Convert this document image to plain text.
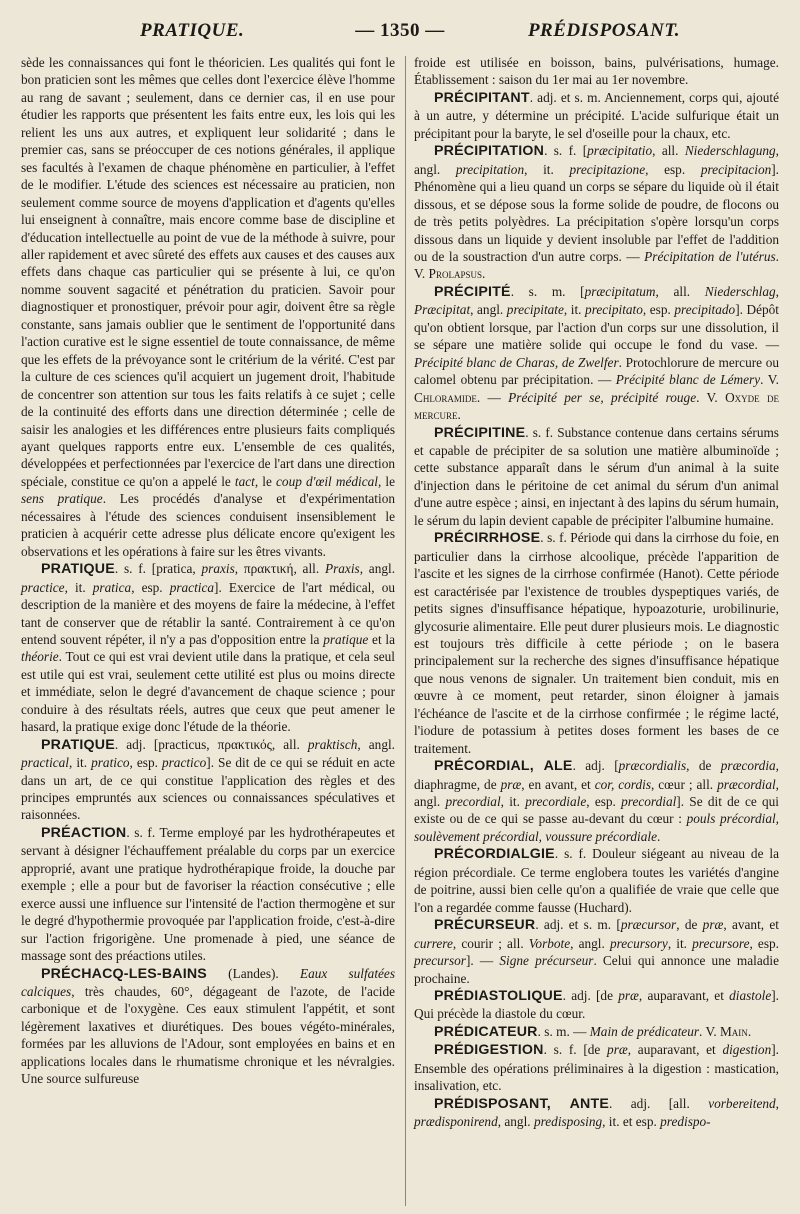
PRATIQUE.	— 1350 —	PRÉDISPOSANT.

sède les connaissances qui font le théoricien. Les qualités qui font le bon praticien sont les mêmes que celles dont l'exercice élève l'homme au rang de savant ; seulement, dans ce dernier cas, il en use pour étudier les rapports que présentent les faits entre eux, les lois qui les relient les uns aux autres, et expliquent leur solidarité ; dans le premier cas, sans se préoccuper de ces notions générales, il applique ses facultés à l'examen de chaque phénomène en particulier, à l'effet de le modifier. L'étude des sciences est nécessaire au praticien, non seulement comme source de moyens d'application et d'agents qu'elles lui enseignent à connaître, mais encore comme base de discipline et d'éducation intellectuelle au point de vue de la méthode à suivre, pour aller rapidement et avec sûreté des effets aux causes et des causes aux effets dans chaque cas particulier qui se présente à lui, ce qu'on nomme souvent sagacité et pénétration du praticien. Savoir pour diagnostiquer et pronostiquer, prévoir pour agir, doivent être sa règle constante, sans jamais oublier que le sentiment de l'opportunité dans l'action curative est le signe essentiel de toute connaissance, de même que les effets de la prévoyance sont le critérium de la vérité. C'est par la culture de ces sciences qu'il acquiert un jugement droit, l'habitude de concentrer son attention sur tous les faits relatifs à ce sujet ; celle de la continuité des efforts dans une direction déterminée ; celle de saisir les analogies et les différences entre plusieurs faits compliqués ayant quelques rapports entre eux. L'ensemble de ces qualités, développées et perfectionnées par l'exercice de l'art dans une direction spéciale, constitue ce qu'on a appelé le tact, le coup d'œil médical, le sens pratique. Les procédés d'analyse et d'expérimentation nécessaires à l'étude des sciences conduisent insensiblement le praticien à acquérir cette adresse plus délicate encore qu'exigent les observations et les opérations à faire sur les êtres vivants.

PRATIQUE. s. f. [pratica, praxis, πρακτική, all. Praxis, angl. practice, it. pratica, esp. practica]. Exercice de l'art médical, ou description de la manière et des moyens de faire la médecine, à l'effet tant de conserver que de rétablir la santé. Contrairement à ce qu'on entend souvent répéter, il n'y a pas d'opposition entre la pratique et la théorie. Tout ce qui est vrai devient utile dans la pratique, et cela seul est utile qui est vrai, seulement cette utilité est plus ou moins directe et immédiate, selon le degré d'avancement de chaque science ; pour conduire à des résultats réels, autres que ceux que peut amener le hasard, la pratique exige donc l'étude de la théorie.

PRATIQUE. adj. [practicus, πρακτικός, all. praktisch, angl. practical, it. pratico, esp. practico]. Se dit de ce qui se réduit en acte dans un art, de ce qui constitue l'application des règles et des principes empruntés aux sciences ou connaissances spéculatives et raisonnées.

PRÉACTION. s. f. Terme employé par les hydrothérapeutes et servant à désigner l'échauffement préalable du corps par un exercice approprié, avant une pratique hydrothérapique froide, la douche par exemple ; elle a pour but de favoriser la réaction consécutive ; elle exerce aussi une influence sur l'intensité de l'action thermogène et sur le degré d'hypothermie provoquée par l'application froide, c'est-à-dire sur l'action frigorigène. Une promenade à pied, une séance de massage sont des préactions utiles.

PRÉCHACQ-LES-BAINS (Landes). Eaux sulfatées calciques, très chaudes, 60°, dégageant de l'azote, de l'acide carbonique et de l'oxygène. Ces eaux stimulent l'appétit, et sont légèrement laxatives et diurétiques. Des boues végéto-minérales, formées par les alluvions de l'Adour, sont employées en bains et en applications locales dans le rhumatisme chronique et les névralgies. Une source sulfureuse

froide est utilisée en boisson, bains, pulvérisations, humage. Établissement : saison du 1er mai au 1er novembre.

PRÉCIPITANT. adj. et s. m. Anciennement, corps qui, ajouté à un autre, y détermine un précipité. L'acide sulfurique était un précipitant pour la baryte, le sel d'oseille pour la chaux, etc.

PRÉCIPITATION. s. f. [præcipitatio, all. Niederschlagung, angl. precipitation, it. precipitazione, esp. precipitacion]. Phénomène qui a lieu quand un corps se sépare du liquide où il était dissous, et se dépose sous la forme solide de poudre, de flocons ou de très petits polyèdres. La précipitation s'opère lorsqu'un corps dissous dans un liquide y devient insoluble par l'effet de l'addition ou de la soustraction d'un autre corps. — Précipitation de l'utérus. V. Prolapsus.

PRÉCIPITÉ. s. m. [præcipitatum, all. Niederschlag, Præcipitat, angl. precipitate, it. precipitato, esp. precipitado]. Dépôt qu'on obtient lorsque, par l'action d'un corps sur une dissolution, il se sépare une matière solide qui occupe le fond du vase. — Précipité blanc de Charas, de Zwelfer. Protochlorure de mercure ou calomel obtenu par précipitation. — Précipité blanc de Lémery. V. Chloramide. — Précipité per se, précipité rouge. V. Oxyde de mercure.

PRÉCIPITINE. s. f. Substance contenue dans certains sérums et capable de précipiter de sa solution une matière albuminoïde ; cette substance apparaît dans le sérum d'un animal à la suite d'injection dans le péritoine de cet animal du sérum d'un animal d'une autre espèce ; ainsi, en injectant à des lapins du sérum humain, le sérum du lapin devient capable de précipiter l'albumine humaine.

PRÉCIRRHOSE. s. f. Période qui dans la cirrhose du foie, en particulier dans la cirrhose alcoolique, précède l'apparition de l'ascite et les signes de la cirrhose confirmée (Hanot). Cette période est caractérisée par l'existence de troubles dyspeptiques variés, de petits signes d'insuffisance hépatique, hypoazoturie, urobilinurie, glycosurie alimentaire. Elle peut durer plusieurs mois. Le diagnostic est toujours très difficile à cette période ; on le basera principalement sur la recherche des signes d'insuffisance hépatique que nous venons de signaler. Un traitement bien conduit, mis en œuvre à ce moment, peut retarder, sinon éloigner à jamais l'échéance de l'ascite et de la cirrhose confirmée ; le régime lacté, l'iodure de potassium à petites doses forment les bases de ce traitement.

PRÉCORDIAL, ALE. adj. [præcordialis, de præcordia, diaphragme, de præ, en avant, et cor, cordis, cœur ; all. præcordial, angl. precordial, it. precordiale, esp. precordial]. Se dit de ce qui existe ou de ce qui se passe au-devant du cœur : pouls précordial, soulèvement précordial, voussure précordiale.

PRÉCORDIALGIE. s. f. Douleur siégeant au niveau de la région précordiale. Ce terme englobera toutes les variétés d'angine de poitrine, aussi bien celle qu'on a qualifiée de vraie que celle que l'on a regardée comme fausse (Huchard).

PRÉCURSEUR. adj. et s. m. [præcursor, de præ, avant, et currere, courir ; all. Vorbote, angl. precursory, it. precursore, esp. precursor]. — Signe précurseur. Celui qui annonce une maladie prochaine.

PRÉDIASTOLIQUE. adj. [de præ, auparavant, et diastole]. Qui précède la diastole du cœur.

PRÉDICATEUR. s. m. — Main de prédicateur. V. Main.

PRÉDIGESTION. s. f. [de præ, auparavant, et digestion]. Ensemble des opérations préliminaires à la digestion : mastication, insalivation, etc.

PRÉDISPOSANT, ANTE. adj. [all. vorbereitend, prædisponirend, angl. predisposing, it. et esp. predispo-
